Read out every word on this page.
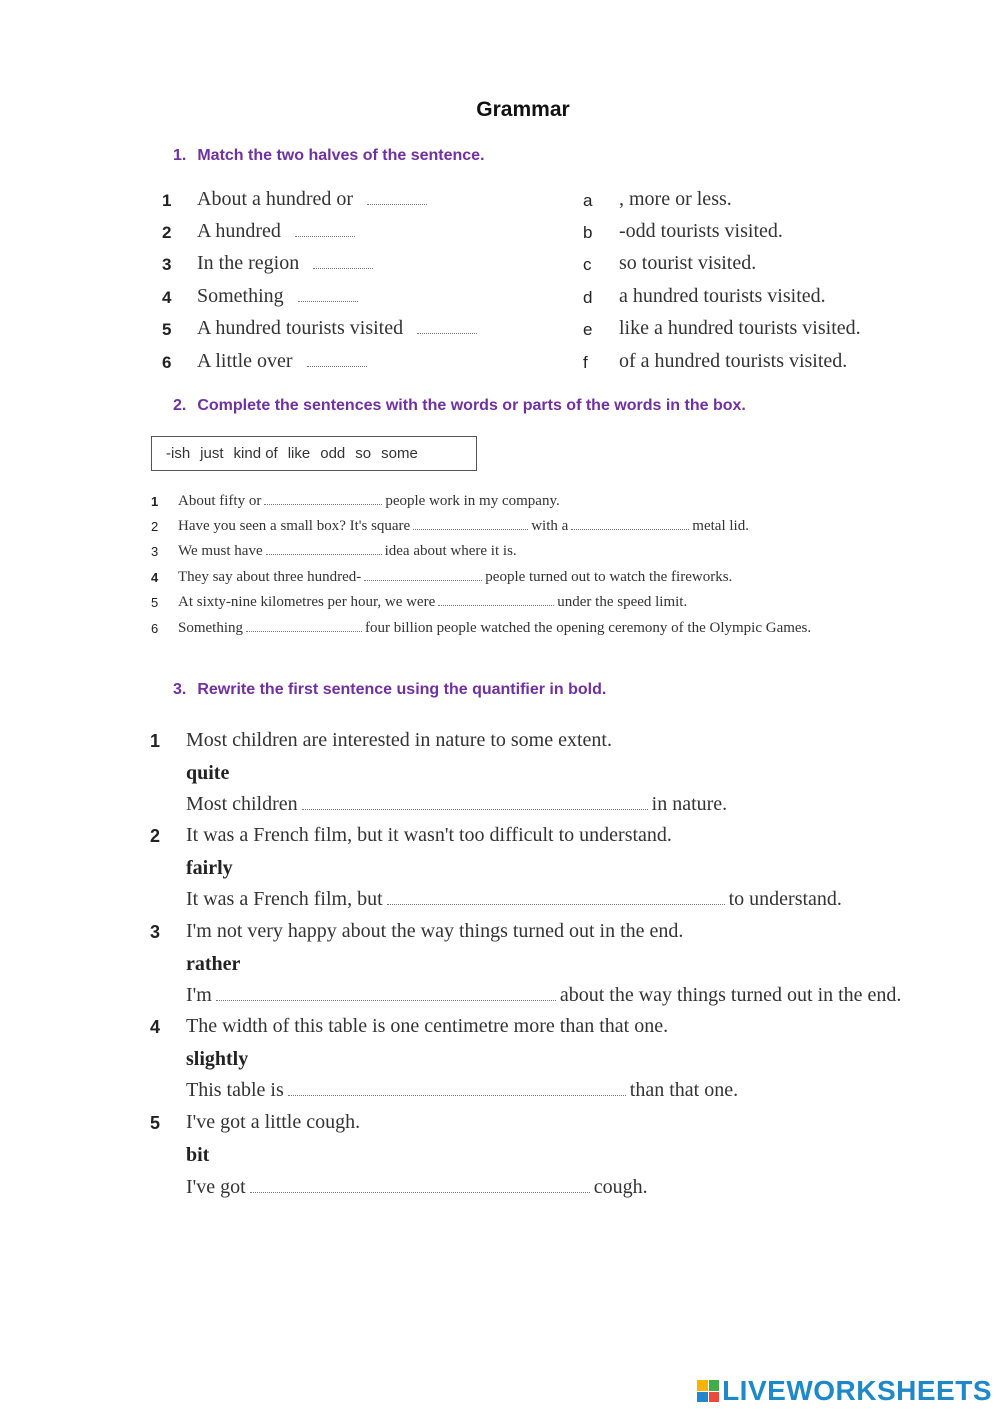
Grammar
1. Match the two halves of the sentence.
1 About a hundred or	a , more or less.
2 A hundred	b -odd tourists visited.
3 In the region	c so tourist visited.
4 Something	d a hundred tourists visited.
5 A hundred tourists visited	e like a hundred tourists visited.
6 A little over	f of a hundred tourists visited.
2. Complete the sentences with the words or parts of the words in the box.
-ish just kind of like odd so some
1 About fifty or	people work in my company.
2 Have you seen a small box? It's square	with a	metal lid.
3 We must have	idea about where it is.
4 They say about three hundred-	people turned out to watch the fireworks.
5 At sixty-nine kilometres per hour, we were	under the speed limit.
6 Something	four billion people watched the opening ceremony of the Olympic Games.
3. Rewrite the first sentence using the quantifier in bold.
1 Most children are interested in nature to some extent.
quite
Most children	in nature.
2 It was a French film, but it wasn't too difficult to understand.
fairly
It was a French film, but	to understand.
3 I'm not very happy about the way things turned out in the end.
rather
I'm	about the way things turned out in the end.
4 The width of this table is one centimetre more than that one.
slightly
This table is	than that one.
5 I've got a little cough.
bit
I've got	cough.
LIVEWORKSHEETS
